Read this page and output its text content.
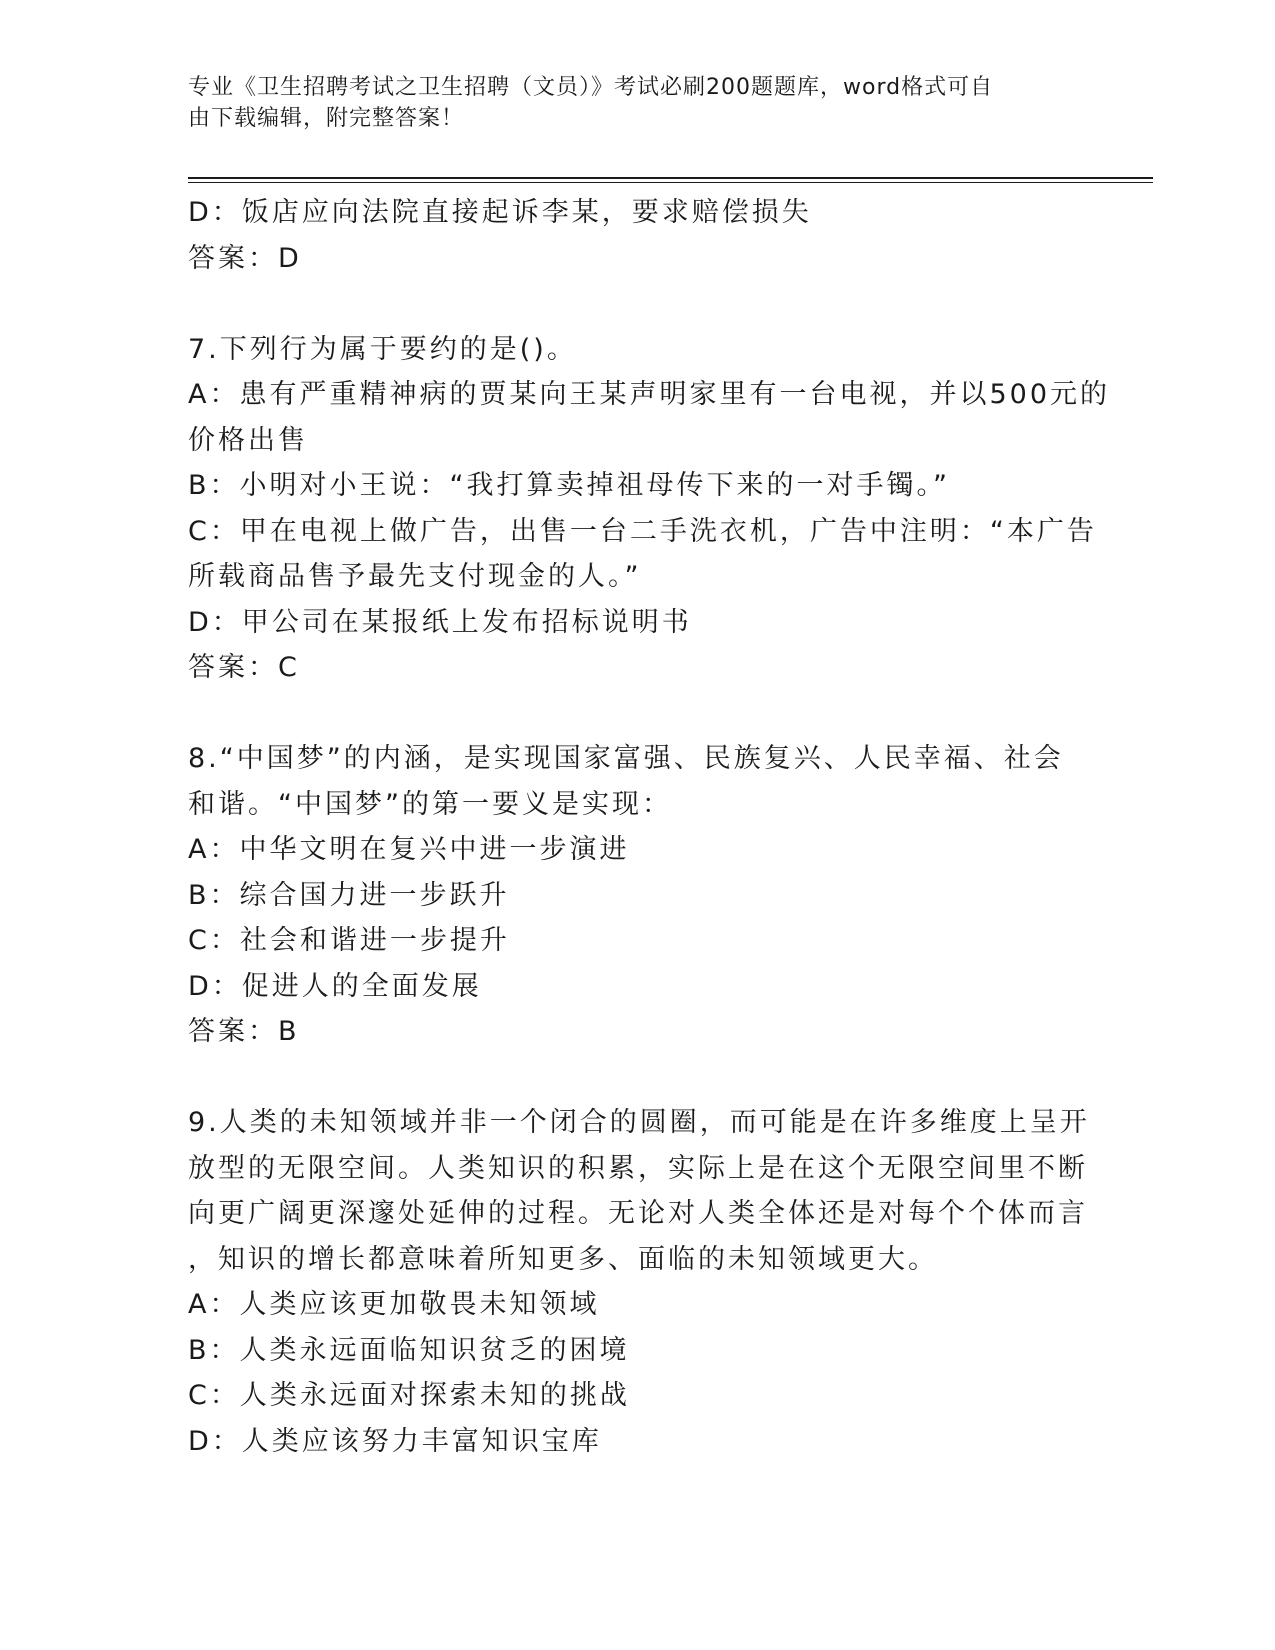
专业《卫生招聘考试之卫生招聘（文员）》考试必刷200题题库，word格式可自
由下载编辑，附完整答案！
D：饭店应向法院直接起诉李某，要求赔偿损失
答案：D
7.下列行为属于要约的是()。
A：患有严重精神病的贾某向王某声明家里有一台电视，并以500元的
价格出售
B：小明对小王说：“我打算卖掉祖母传下来的一对手镯。”
C：甲在电视上做广告，出售一台二手洗衣机，广告中注明：“本广告
所载商品售予最先支付现金的人。”
D：甲公司在某报纸上发布招标说明书
答案：C
8.“中国梦”的内涵，是实现国家富强、民族复兴、人民幸福、社会
和谐。“中国梦”的第一要义是实现：
A：中华文明在复兴中进一步演进
B：综合国力进一步跃升
C：社会和谐进一步提升
D：促进人的全面发展
答案：B
9.人类的未知领域并非一个闭合的圆圈，而可能是在许多维度上呈开
放型的无限空间。人类知识的积累，实际上是在这个无限空间里不断
向更广阔更深邃处延伸的过程。无论对人类全体还是对每个个体而言
，知识的增长都意味着所知更多、面临的未知领域更大。
A：人类应该更加敬畏未知领域
B：人类永远面临知识贫乏的困境
C：人类永远面对探索未知的挑战
D：人类应该努力丰富知识宝库
